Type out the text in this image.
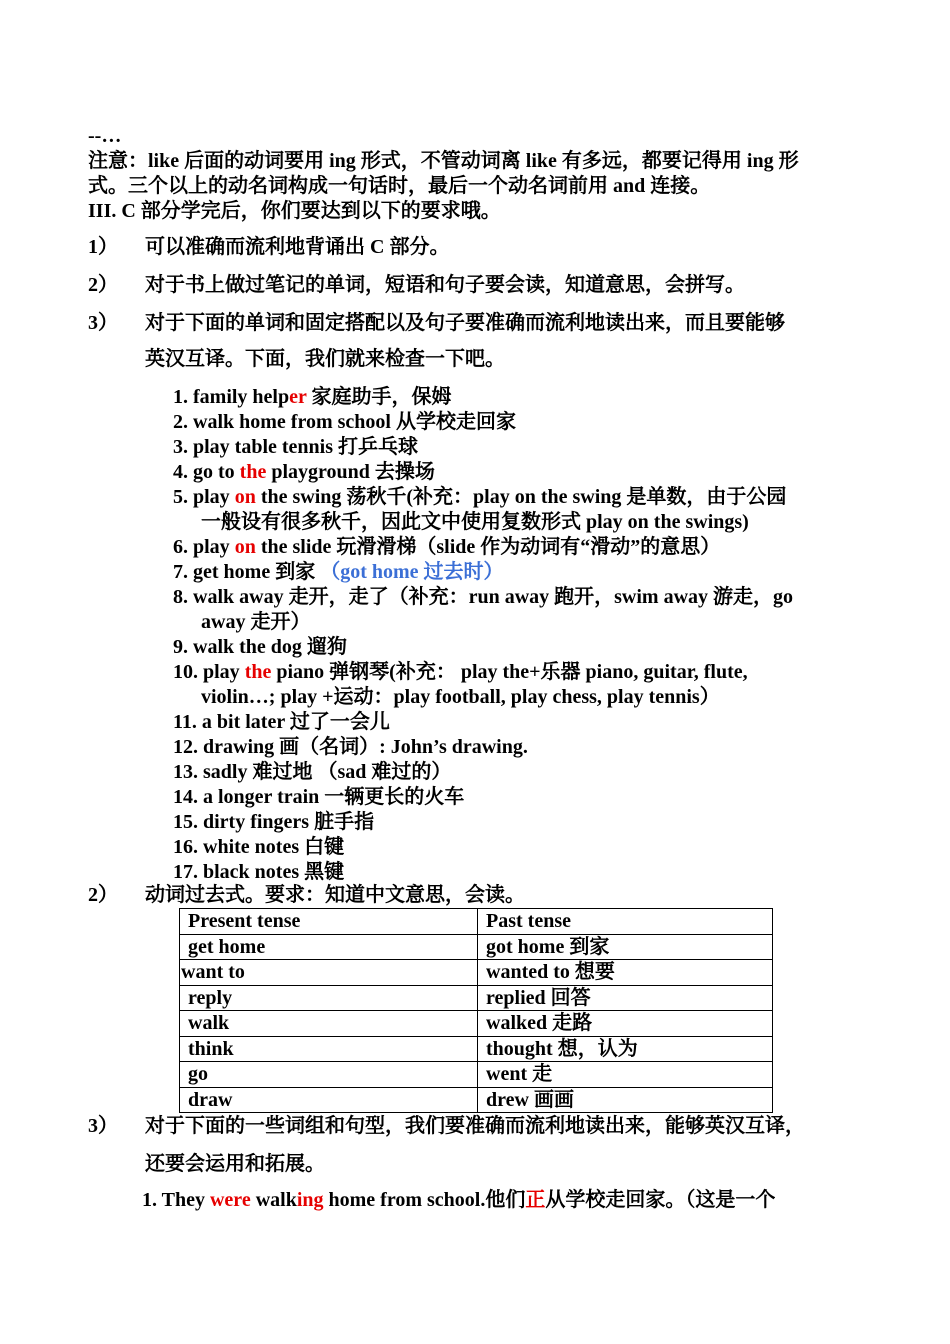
--…
注意：like 后面的动词要用 ing 形式，不管动词离 like 有多远，都要记得用 ing 形
式。三个以上的动名词构成一句话时，最后一个动名词前用 and 连接。
III. C 部分学完后，你们要达到以下的要求哦。
1） 可以准确而流利地背诵出 C 部分。
2） 对于书上做过笔记的单词，短语和句子要会读，知道意思，会拼写。
3） 对于下面的单词和固定搭配以及句子要准确而流利地读出来，而且要能够
英汉互译。下面，我们就来检查一下吧。
1. family helper 家庭助手，保姆
2. walk home from school 从学校走回家
3. play table tennis 打乒乓球
4. go to the playground 去操场
5. play on the swing 荡秋千(补充：play on the swing 是单数，由于公园
一般设有很多秋千，因此文中使用复数形式 play on the swings)
6. play on the slide 玩滑滑梯（slide 作为动词有“滑动”的意思）
7. get home 到家 （got home 过去时）
8. walk away 走开，走了（补充：run away 跑开，swim away 游走，go
away 走开）
9. walk the dog 遛狗
10. play the piano 弹钢琴(补充： play the+乐器 piano, guitar, flute,
violin…; play +运动：play football, play chess, play tennis）
11. a bit later 过了一会儿
12. drawing 画（名词）: John’s drawing.
13. sadly 难过地 （sad 难过的）
14. a longer train 一辆更长的火车
15. dirty fingers 脏手指
16. white notes 白键
17. black notes 黑键
2） 动词过去式。要求：知道中文意思，会读。
Present tense	Past tense
get home	got home 到家
want to	wanted to 想要
reply	replied 回答
walk	walked 走路
think	thought 想，认为
go	went 走
draw	drew 画画
3） 对于下面的一些词组和句型，我们要准确而流利地读出来，能够英汉互译，
还要会运用和拓展。
1. They were walking home from school.他们正从学校走回家。（这是一个
